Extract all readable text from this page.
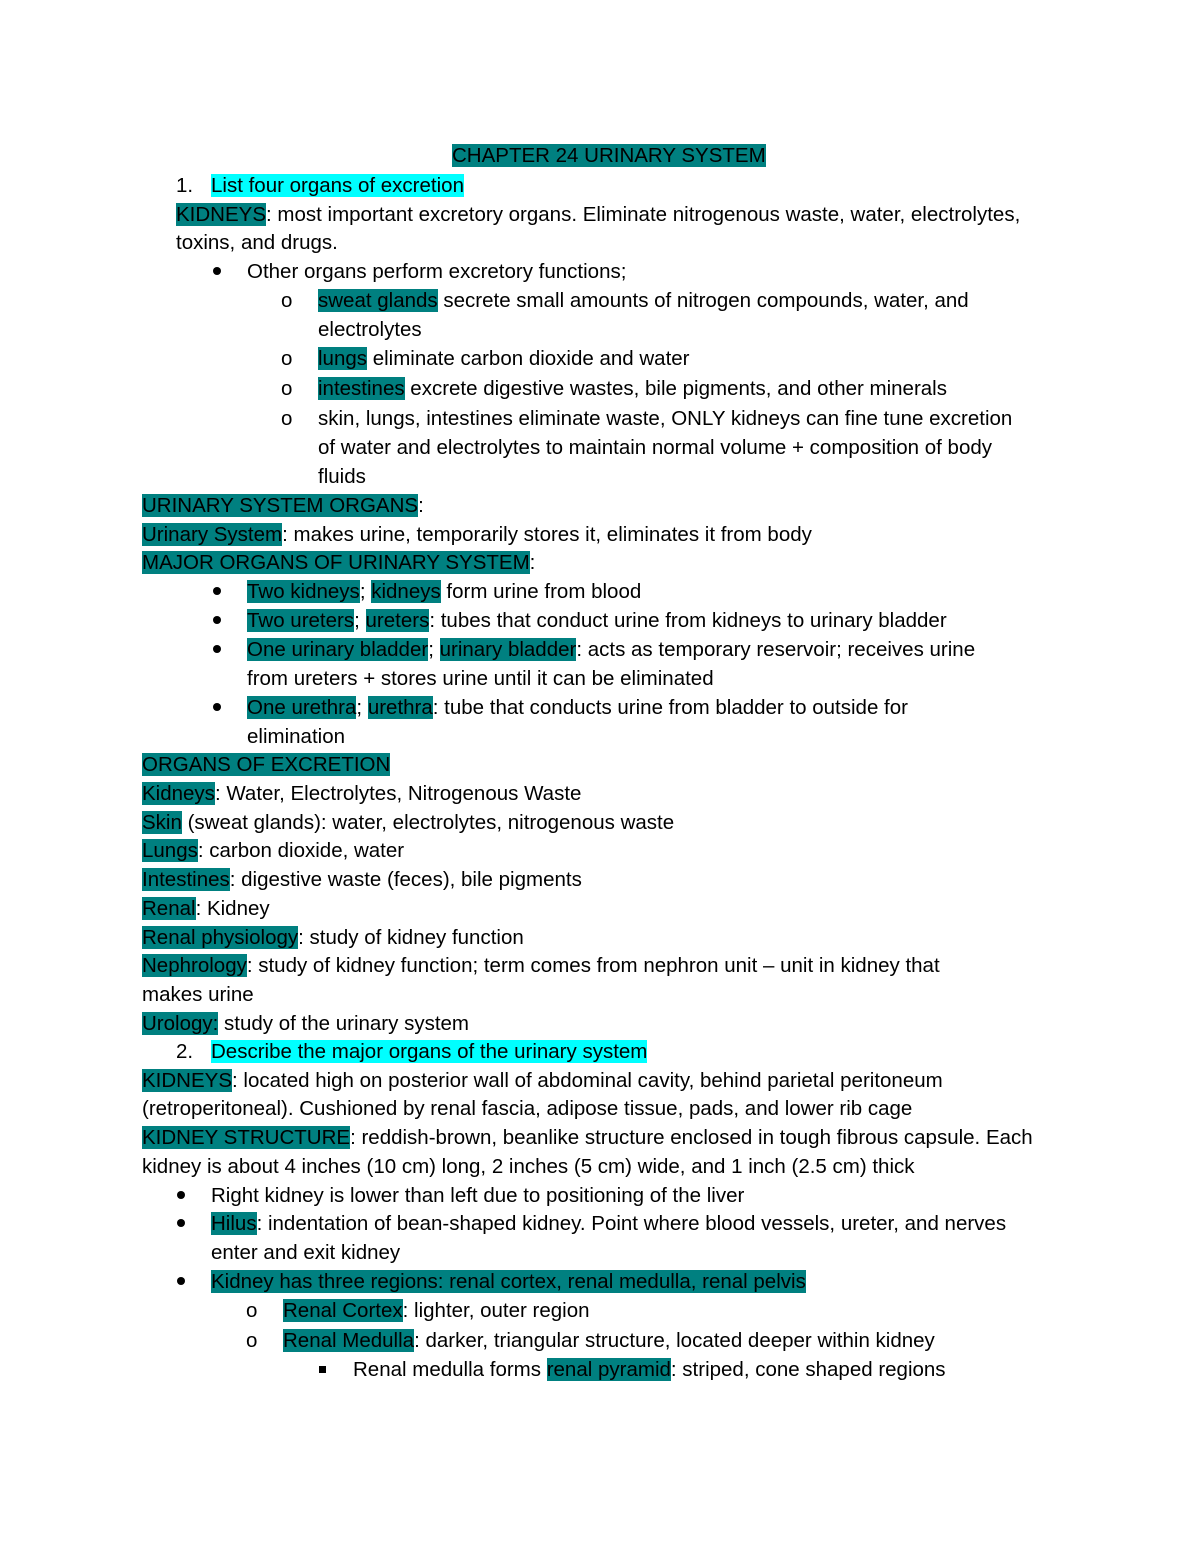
CHAPTER 24 URINARY SYSTEM
1. List four organs of excretion
KIDNEYS: most important excretory organs. Eliminate nitrogenous waste, water, electrolytes,
toxins, and drugs.
Other organs perform excretory functions;
o sweat glands secrete small amounts of nitrogen compounds, water, and
electrolytes
o lungs eliminate carbon dioxide and water
o intestines excrete digestive wastes, bile pigments, and other minerals
o skin, lungs, intestines eliminate waste, ONLY kidneys can fine tune excretion
of water and electrolytes to maintain normal volume + composition of body
fluids
URINARY SYSTEM ORGANS:
Urinary System: makes urine, temporarily stores it, eliminates it from body
MAJOR ORGANS OF URINARY SYSTEM:
Two kidneys; kidneys form urine from blood
Two ureters; ureters: tubes that conduct urine from kidneys to urinary bladder
One urinary bladder; urinary bladder: acts as temporary reservoir; receives urine
from ureters + stores urine until it can be eliminated
One urethra; urethra: tube that conducts urine from bladder to outside for
elimination
ORGANS OF EXCRETION
Kidneys: Water, Electrolytes, Nitrogenous Waste
Skin (sweat glands): water, electrolytes, nitrogenous waste
Lungs: carbon dioxide, water
Intestines: digestive waste (feces), bile pigments
Renal: Kidney
Renal physiology: study of kidney function
Nephrology: study of kidney function; term comes from nephron unit – unit in kidney that
makes urine
Urology: study of the urinary system
2. Describe the major organs of the urinary system
KIDNEYS: located high on posterior wall of abdominal cavity, behind parietal peritoneum
(retroperitoneal). Cushioned by renal fascia, adipose tissue, pads, and lower rib cage
KIDNEY STRUCTURE: reddish-brown, beanlike structure enclosed in tough fibrous capsule. Each
kidney is about 4 inches (10 cm) long, 2 inches (5 cm) wide, and 1 inch (2.5 cm) thick
Right kidney is lower than left due to positioning of the liver
Hilus: indentation of bean-shaped kidney. Point where blood vessels, ureter, and nerves
enter and exit kidney
Kidney has three regions: renal cortex, renal medulla, renal pelvis
o Renal Cortex: lighter, outer region
o Renal Medulla: darker, triangular structure, located deeper within kidney
Renal medulla forms renal pyramid: striped, cone shaped regions
